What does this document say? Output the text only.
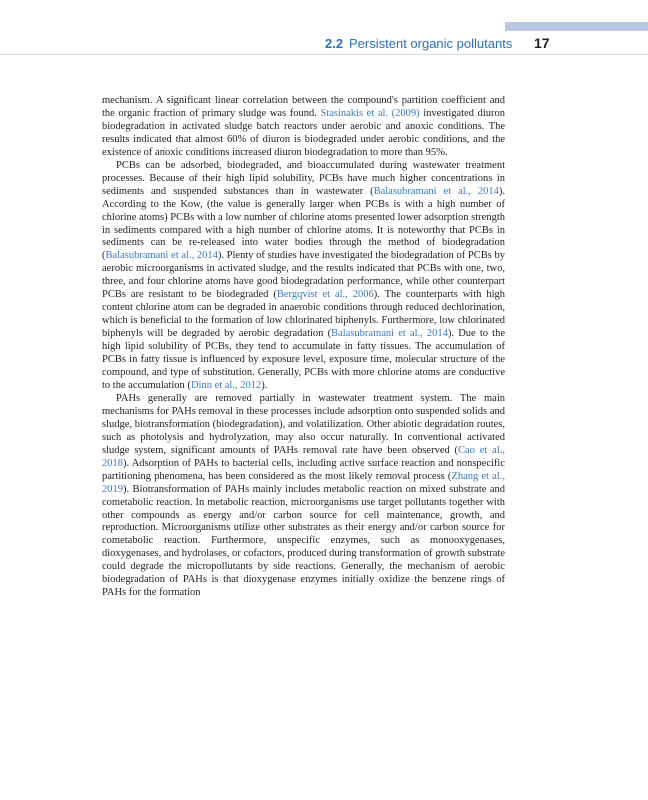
2.2 Persistent organic pollutants 17

mechanism. A significant linear correlation between the compound's partition coefficient and the organic fraction of primary sludge was found. Stasinakis et al. (2009) investigated diuron biodegradation in activated sludge batch reactors under aerobic and anoxic conditions. The results indicated that almost 60% of diuron is biodegraded under aerobic conditions, and the existence of anoxic conditions increased diuron biodegradation to more than 95%.

PCBs can be adsorbed, biodegraded, and bioaccumulated during wastewater treatment processes. Because of their high lipid solubility, PCBs have much higher concentrations in sediments and suspended substances than in wastewater (Balasubramani et al., 2014). According to the Kow, (the value is generally larger when PCBs is with a high number of chlorine atoms) PCBs with a low number of chlorine atoms presented lower adsorption strength in sediments compared with a high number of chlorine atoms. It is noteworthy that PCBs in sediments can be re-released into water bodies through the method of biodegradation (Balasubramani et al., 2014). Plenty of studies have investigated the biodegradation of PCBs by aerobic microorganisms in activated sludge, and the results indicated that PCBs with one, two, three, and four chlorine atoms have good biodegradation performance, while other counterpart PCBs are resistant to be biodegraded (Bergqvist et al., 2006). The counterparts with high content chlorine atom can be degraded in anaerobic conditions through reduced dechlorination, which is beneficial to the formation of low chlorinated biphenyls. Furthermore, low chlorinated biphenyls will be degraded by aerobic degradation (Balasubramani et al., 2014). Due to the high lipid solubility of PCBs, they tend to accumulate in fatty tissues. The accumulation of PCBs in fatty tissue is influenced by exposure level, exposure time, molecular structure of the compound, and type of substitution. Generally, PCBs with more chlorine atoms are conductive to the accumulation (Dinn et al., 2012).

PAHs generally are removed partially in wastewater treatment system. The main mechanisms for PAHs removal in these processes include adsorption onto suspended solids and sludge, biotransformation (biodegradation), and volatilization. Other abiotic degradation routes, such as photolysis and hydrolyzation, may also occur naturally. In conventional activated sludge system, significant amounts of PAHs removal rate have been observed (Cao et al., 2018). Adsorption of PAHs to bacterial cells, including active surface reaction and nonspecific partitioning phenomena, has been considered as the most likely removal process (Zhang et al., 2019). Biotransformation of PAHs mainly includes metabolic reaction on mixed substrate and cometabolic reaction. In metabolic reaction, microorganisms use target pollutants together with other compounds as energy and/or carbon source for cell maintenance, growth, and reproduction. Microorganisms utilize other substrates as their energy and/or carbon source for cometabolic reaction. Furthermore, unspecific enzymes, such as monooxygenases, dioxygenases, and hydrolases, or cofactors, produced during transformation of growth substrate could degrade the micropollutants by side reactions. Generally, the mechanism of aerobic biodegradation of PAHs is that dioxygenase enzymes initially oxidize the benzene rings of PAHs for the formation
